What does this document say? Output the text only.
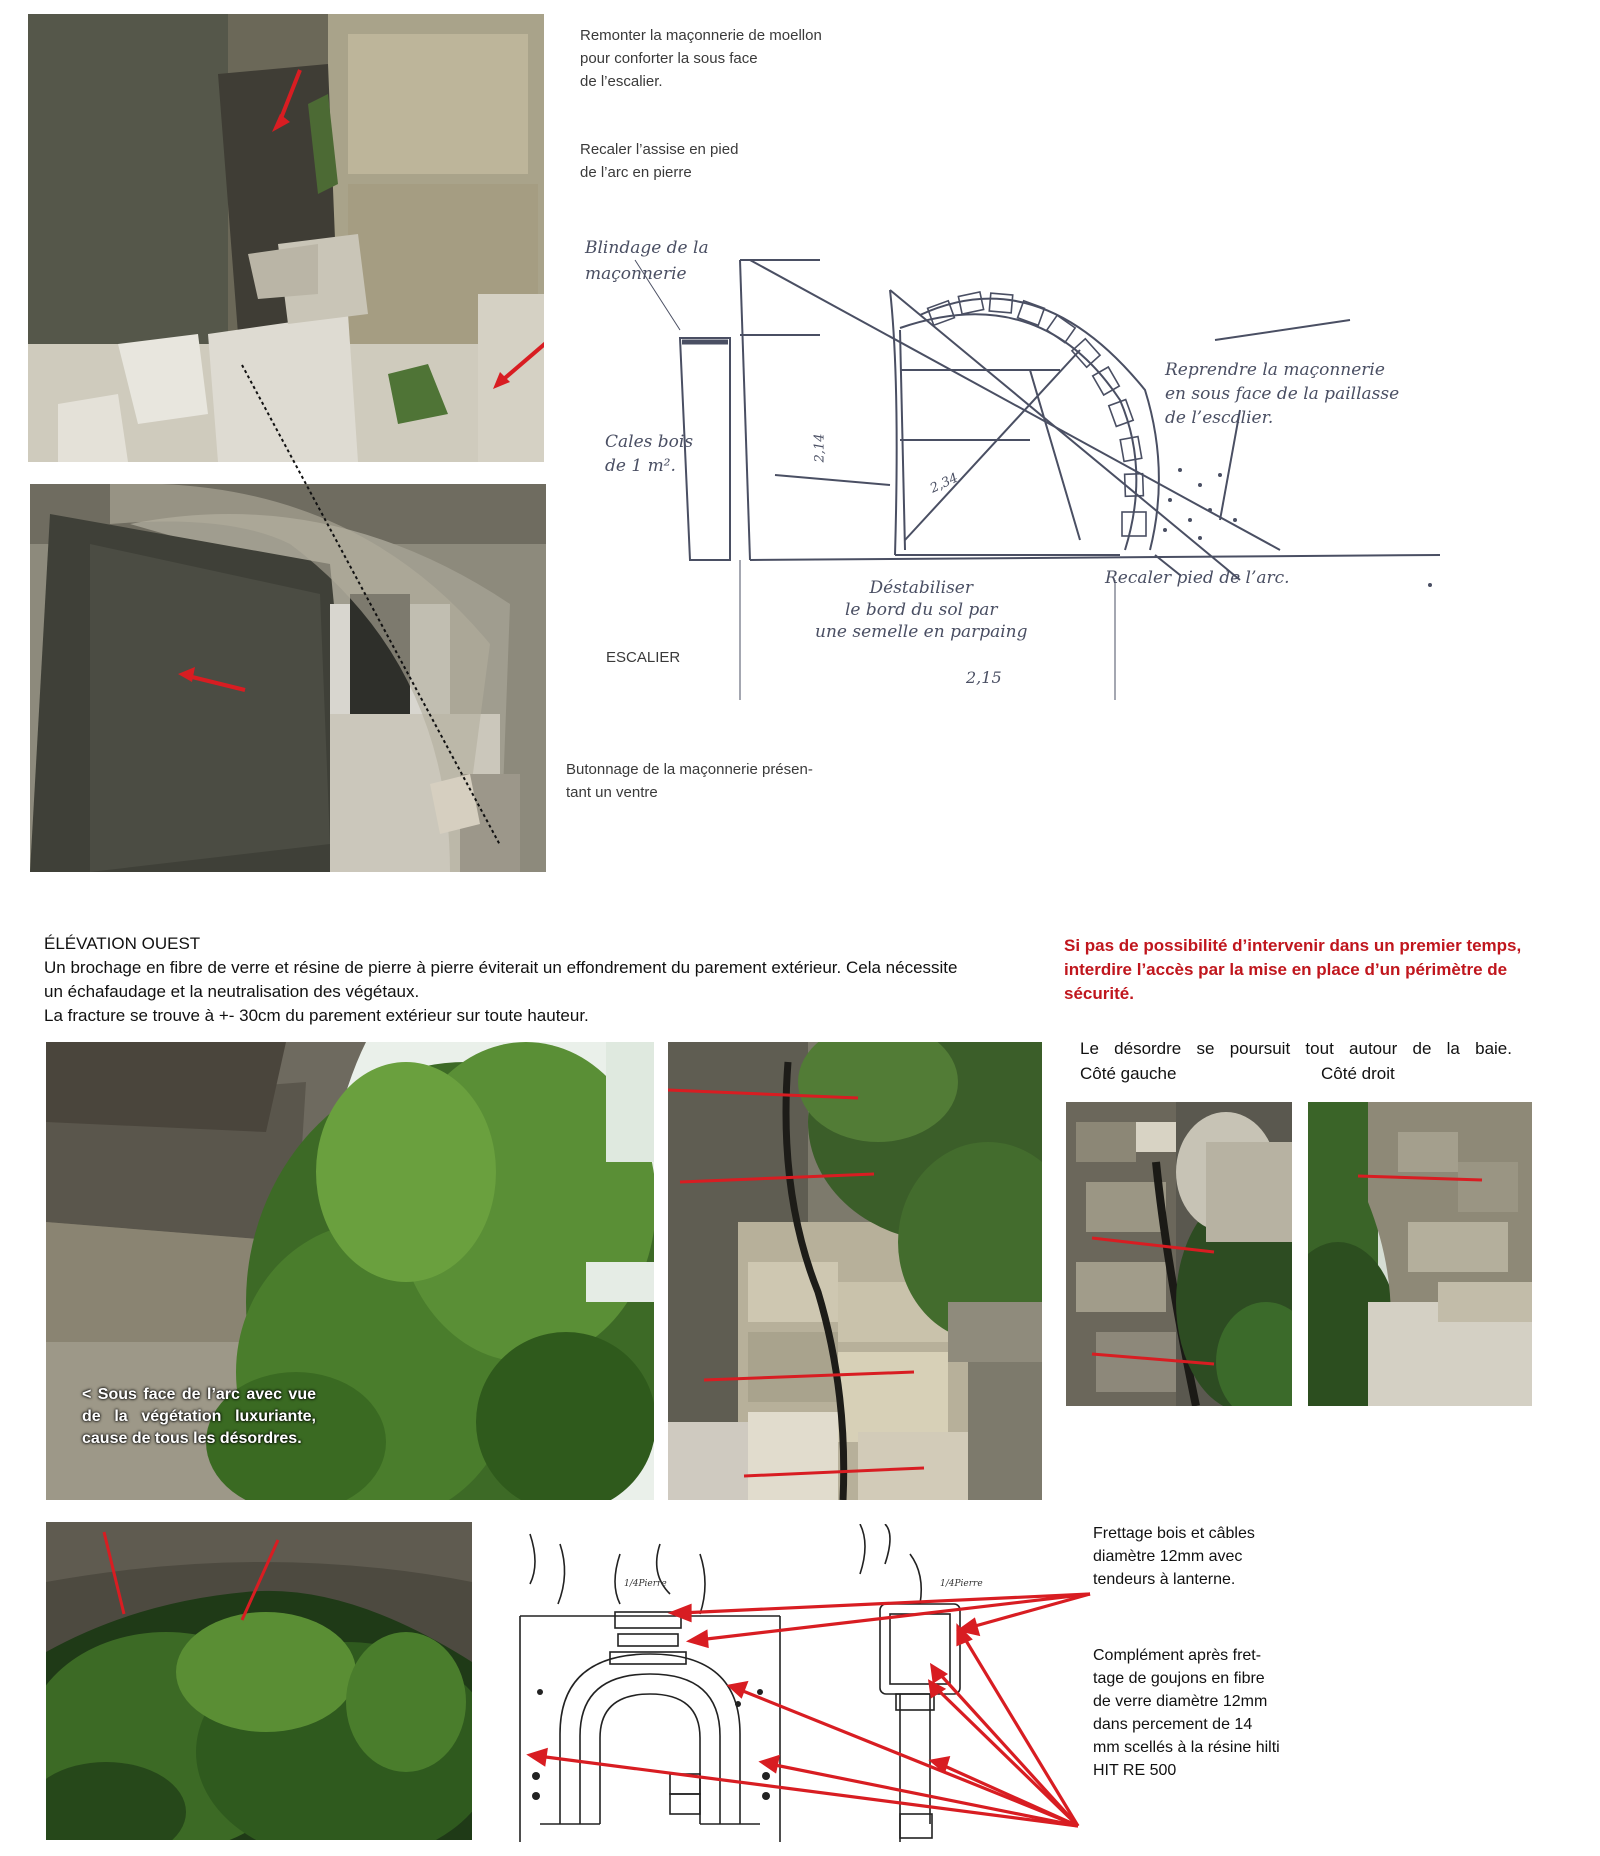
Remonter la maçonnerie de moellon
pour conforter la sous face
de l’escalier.
Recaler l’assise en pied
de l’arc en pierre
Blindage de la
maçonnerie
Reprendre la maçonnerie
en sous face de la paillasse
de l’escalier.
Cales bois
de 1 m².
Recaler pied de l’arc.
Déstabiliser
le bord du sol par
une semelle en parpaing
2,15
2,34
2,14
ESCALIER
Butonnage de la maçonnerie présen-
tant un ventre
ÉLÉVATION OUEST
Un brochage en fibre de verre et résine de pierre à pierre éviterait un effondrement du parement extérieur. Cela nécessite
un échafaudage et la neutralisation des végétaux.
La fracture se trouve à +- 30cm du parement extérieur sur toute hauteur.
Si pas de possibilité d’intervenir dans un premier temps,
interdire l’accès par la mise en place d’un périmètre de
sécurité.
< Sous face de l’arc avec vue de la végétation luxuriante, cause de tous les désordres.
Le désordre se poursuit tout autour de la baie.
Côté gauche	Côté droit
1/4Pierre	1/4Pierre
Frettage bois et câbles
diamètre 12mm avec
tendeurs à lanterne.
Complément après fret-
tage de goujons en fibre
de verre diamètre 12mm
dans percement de 14
mm scellés à la résine hilti
HIT RE 500
